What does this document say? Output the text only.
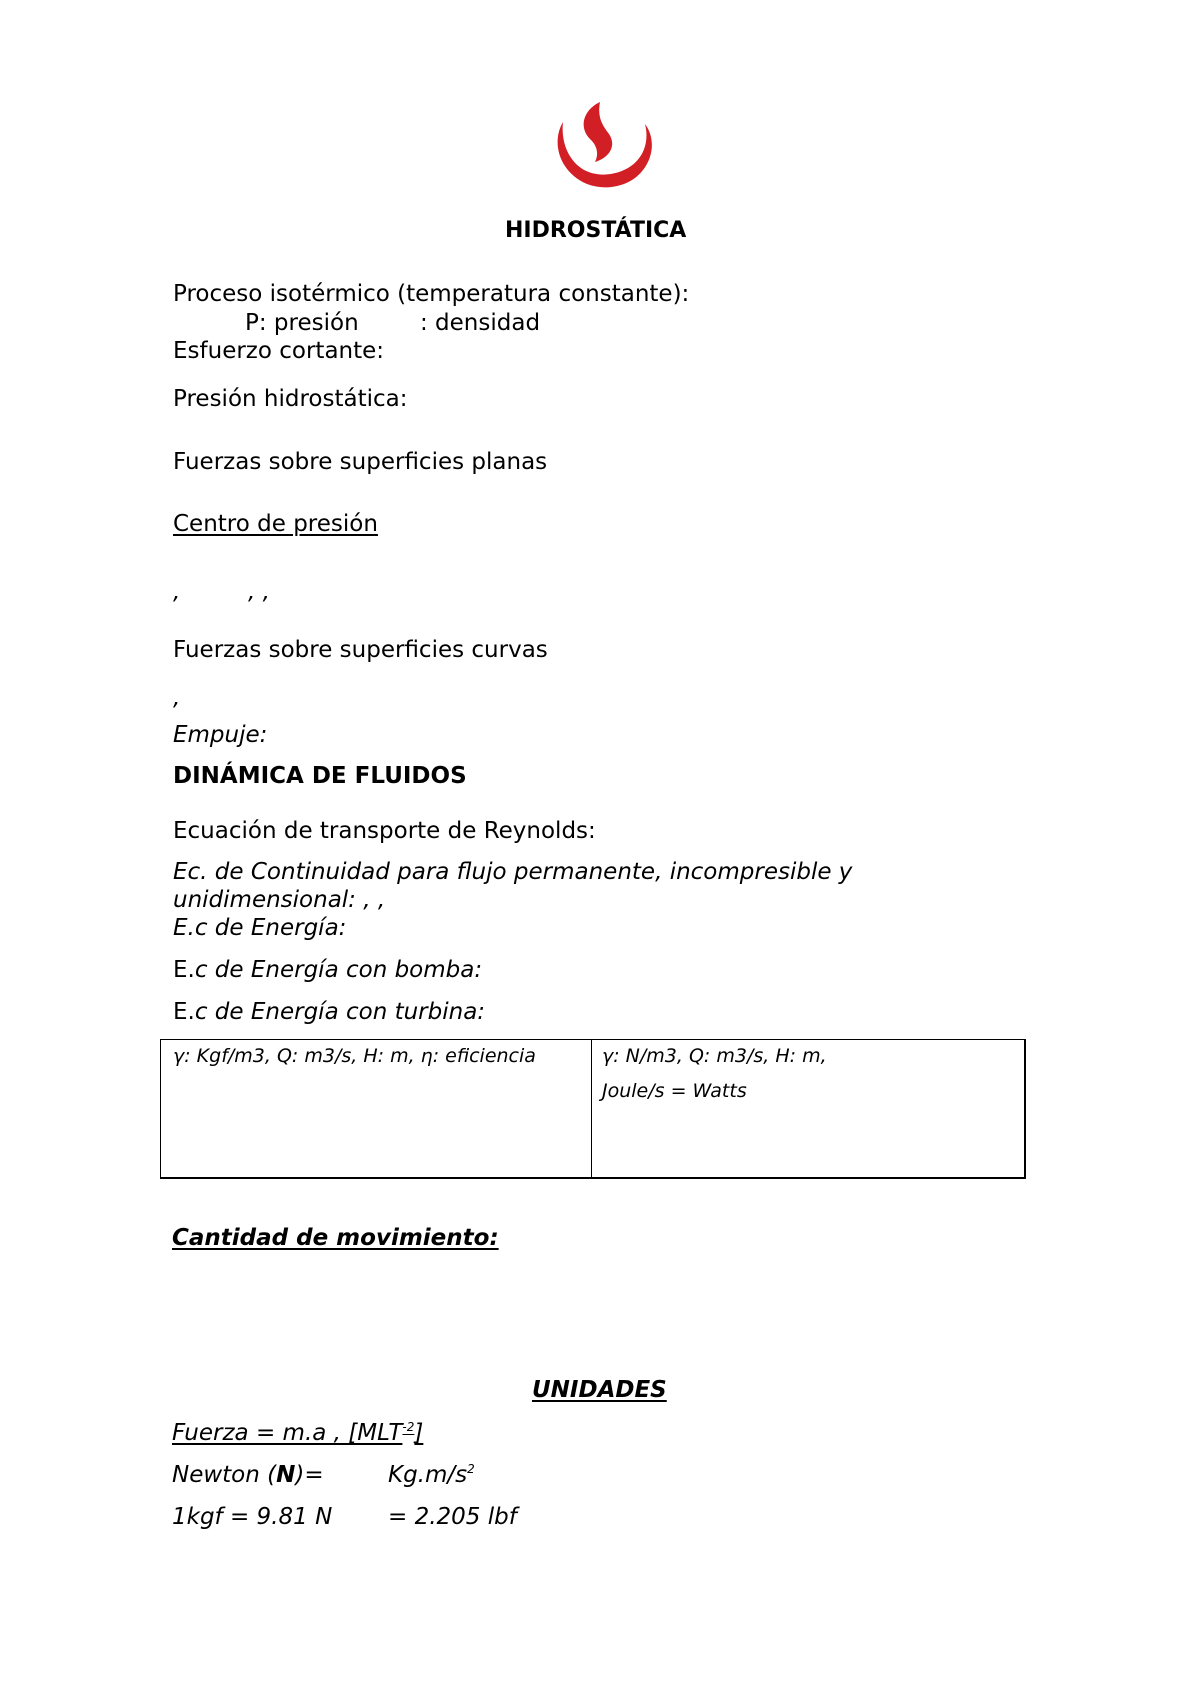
HIDROSTÁTICA
Proceso isotérmico (temperatura constante):
P: presión	: densidad
Esfuerzo cortante:
Presión hidrostática:
Fuerzas sobre superficies planas
Centro de presión
,	, ,
Fuerzas sobre superficies curvas
,
Empuje:
DINÁMICA DE FLUIDOS
Ecuación de transporte de Reynolds:
Ec. de Continuidad para flujo permanente, incompresible y
unidimensional: , ,
E.c de Energía:
E.c de Energía con bomba:
E.c de Energía con turbina:
γ: Kgf/m3, Q: m3/s, H: m, η: eficiencia	γ: N/m3, Q: m3/s, H: m,
Joule/s = Watts
Cantidad de movimiento:
UNIDADES
Fuerza = m.a , $[MLT^{-2}]$
Newton (N)=	$Kg.m/s^2$
1kgf = 9.81 N = 2.205 lbf
